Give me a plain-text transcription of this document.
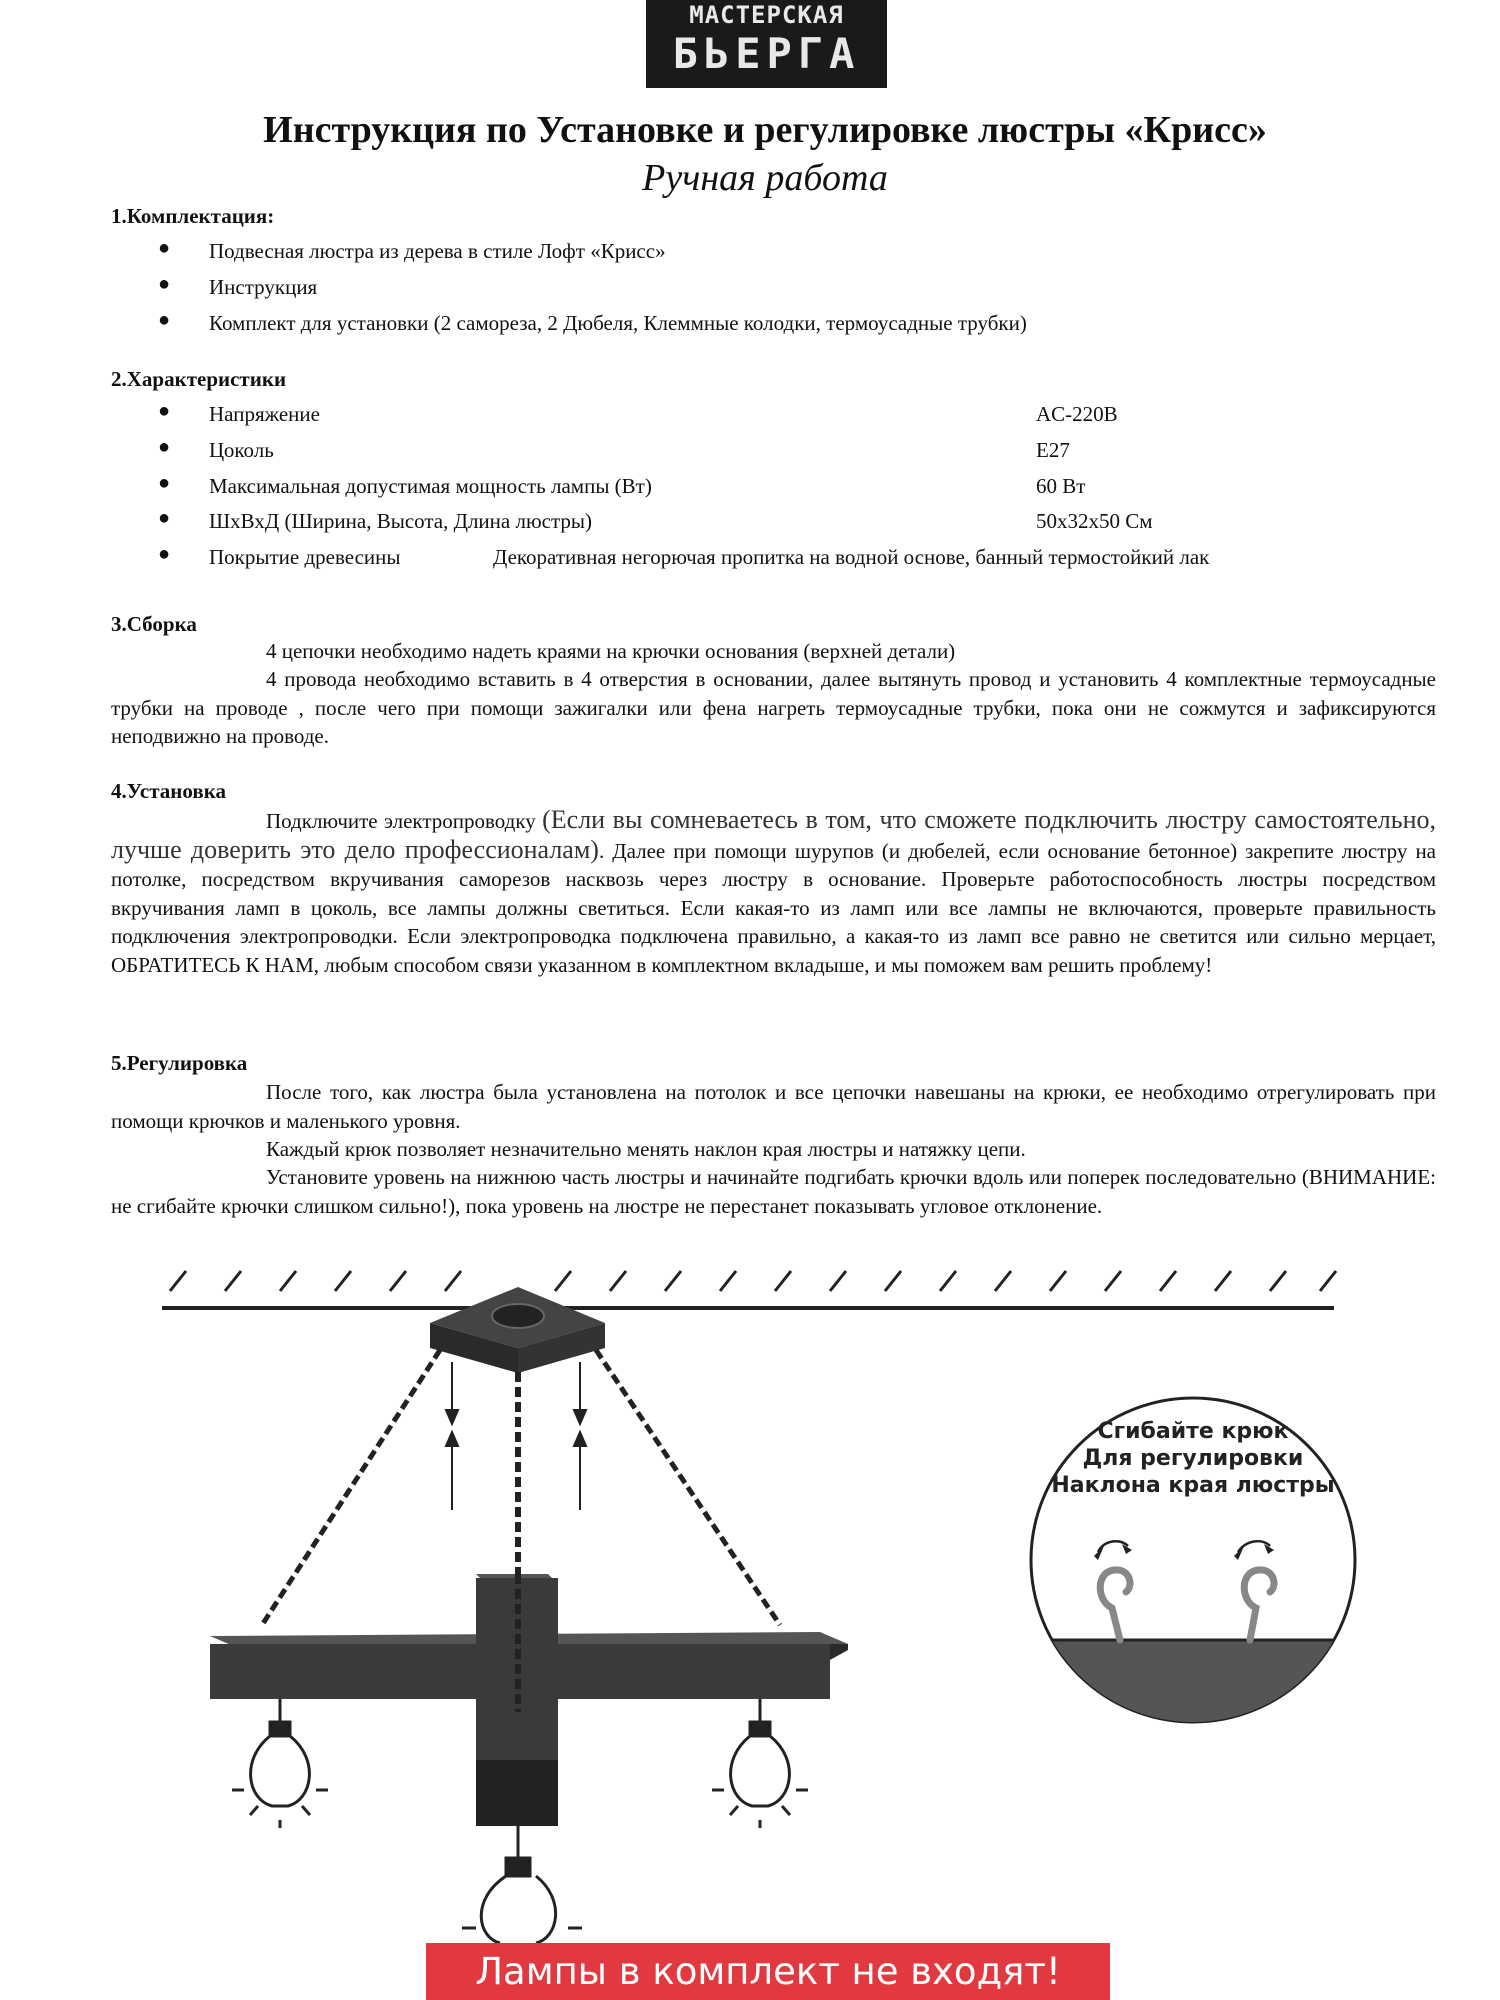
МАСТЕРСКАЯ
БЬЕРГА
Инструкция по Установке и регулировке люстры «Крисс»
Ручная работа
1.Комплектация:
● Подвесная люстра из дерева в стиле Лофт «Крисс»
● Инструкция
● Комплект для установки (2 самореза, 2 Дюбеля, Клеммные колодки, термоусадные трубки)
2.Характеристики
● Напряжение	AC-220В
● Цоколь	E27
● Максимальная допустимая мощность лампы (Вт)	60 Вт
● ШхВхД (Ширина, Высота, Длина люстры)	50x32x50 См
● Покрытие древесины	Декоративная негорючая пропитка на водной основе, банный термостойкий лак
3.Сборка
4 цепочки необходимо надеть краями на крючки основания (верхней детали)
4 провода необходимо вставить в 4 отверстия в основании, далее вытянуть провод и установить 4 комплектные термоусадные трубки на проводе , после чего при помощи зажигалки или фена нагреть термоусадные трубки, пока они не сожмутся и зафиксируются неподвижно на проводе.
4.Установка
Подключите электропроводку (Если вы сомневаетесь в том, что сможете подключить люстру самостоятельно, лучше доверить это дело профессионалам). Далее при помощи шурупов (и дюбелей, если основание бетонное) закрепите люстру на потолке, посредством вкручивания саморезов насквозь через люстру в основание. Проверьте работоспособность люстры посредством вкручивания ламп в цоколь, все лампы должны светиться. Если какая-то из ламп или все лампы не включаются, проверьте правильность подключения электропроводки. Если электропроводка подключена правильно, а какая-то из ламп все равно не светится или сильно мерцает, ОБРАТИТЕСЬ К НАМ, любым способом связи указанном в комплектном вкладыше, и мы поможем вам решить проблему!
5.Регулировка
После того, как люстра была установлена на потолок и все цепочки навешаны на крюки, ее необходимо отрегулировать при помощи крючков и маленького уровня.
Каждый крюк позволяет незначительно менять наклон края люстры и натяжку цепи.
Установите уровень на нижнюю часть люстры и начинайте подгибать крючки вдоль или поперек последовательно (ВНИМАНИЕ: не сгибайте крючки слишком сильно!), пока уровень на люстре не перестанет показывать угловое отклонение.
Сгибайте крюк
Для регулировки
Наклона края люстры
Лампы в комплект не входят!
